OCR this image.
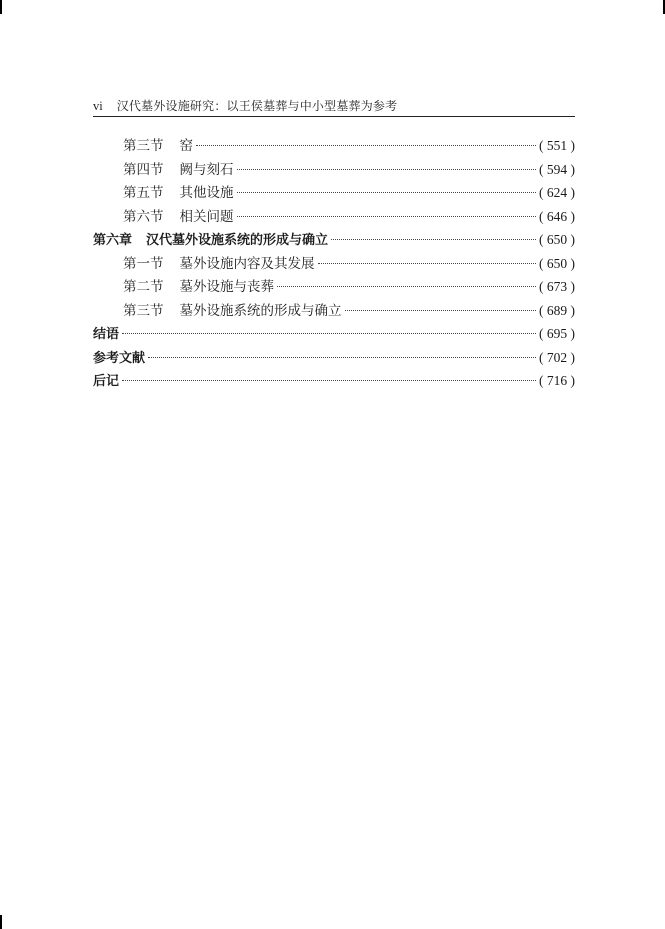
vi 汉代墓外设施研究：以王侯墓葬与中小型墓葬为参考
第三节 窑	( 551 )
第四节 阙与刻石	( 594 )
第五节 其他设施	( 624 )
第六节 相关问题	( 646 )
第六章 汉代墓外设施系统的形成与确立	( 650 )
第一节 墓外设施内容及其发展	( 650 )
第二节 墓外设施与丧葬	( 673 )
第三节 墓外设施系统的形成与确立	( 689 )
结语	( 695 )
参考文献	( 702 )
后记	( 716 )
